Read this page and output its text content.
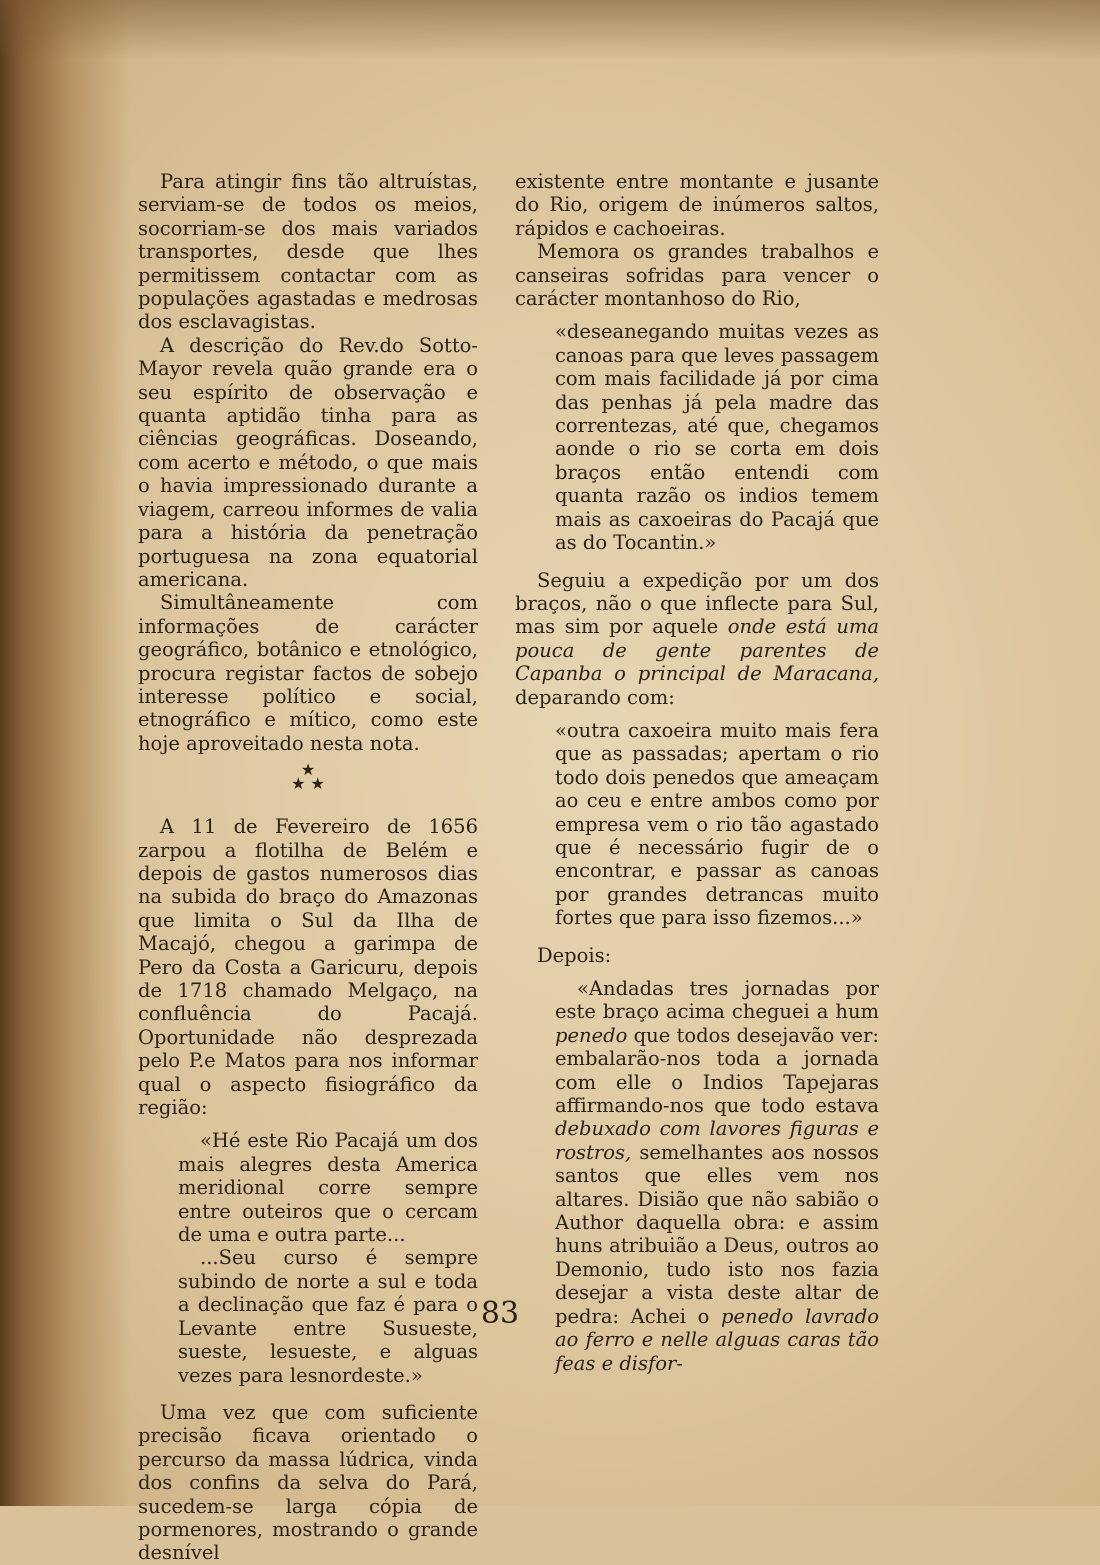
Para atingir fins tão altruístas, serviam-se de todos os meios, socorriam-se dos mais variados transportes, desde que lhes permitissem contactar com as populações agastadas e medrosas dos esclavagistas.

A descrição do Rev.do Sotto-Mayor revela quão grande era o seu espírito de observação e quanta aptidão tinha para as ciências geográficas. Doseando, com acerto e método, o que mais o havia impressionado durante a viagem, carreou informes de valia para a história da penetração portuguesa na zona equatorial americana.

Simultâneamente com informações de carácter geográfico, botânico e etnológico, procura registar factos de sobejo interesse político e social, etnográfico e mítico, como este hoje aproveitado nesta nota.

★
★ ★

A 11 de Fevereiro de 1656 zarpou a flotilha de Belém e depois de gastos numerosos dias na subida do braço do Amazonas que limita o Sul da Ilha de Macajó, chegou a garimpa de Pero da Costa a Garicuru, depois de 1718 chamado Melgaço, na confluência do Pacajá. Oportunidade não desprezada pelo P.e Matos para nos informar qual o aspecto fisiográfico da região:

«Hé este Rio Pacajá um dos mais alegres desta America meridional corre sempre entre outeiros que o cercam de uma e outra parte...

...Seu curso é sempre subindo de norte a sul e toda a declinação que faz é para o Levante entre Susueste, sueste, lesueste, e alguas vezes para lesnordeste.»

Uma vez que com suficiente precisão ficava orientado o percurso da massa lúdrica, vinda dos confins da selva do Pará, sucedem-se larga cópia de pormenores, mostrando o grande desnível

existente entre montante e jusante do Rio, origem de inúmeros saltos, rápidos e cachoeiras.

Memora os grandes trabalhos e canseiras sofridas para vencer o carácter montanhoso do Rio,

«deseanegando muitas vezes as canoas para que leves passagem com mais facilidade já por cima das penhas já pela madre das correntezas, até que, chegamos aonde o rio se corta em dois braços então entendi com quanta razão os indios temem mais as caxoeiras do Pacajá que as do Tocantin.»

Seguiu a expedição por um dos braços, não o que inflecte para Sul, mas sim por aquele onde está uma pouca de gente parentes de Capanba o principal de Maracana, deparando com:

«outra caxoeira muito mais fera que as passadas; apertam o rio todo dois penedos que ameaçam ao ceu e entre ambos como por empresa vem o rio tão agastado que é necessário fugir de o encontrar, e passar as canoas por grandes detrancas muito fortes que para isso fizemos...»

Depois:

«Andadas tres jornadas por este braço acima cheguei a hum penedo que todos desejavão ver: embalarão-nos toda a jornada com elle o Indios Tapejaras affirmando-nos que todo estava debuxado com lavores figuras e rostros, semelhantes aos nossos santos que elles vem nos altares. Disião que não sabião o Author daquella obra: e assim huns atribuião a Deus, outros ao Demonio, tudo isto nos fazia desejar a vista deste altar de pedra: Achei o penedo lavrado ao ferro e nelle alguas caras tão feas e disfor-

83
